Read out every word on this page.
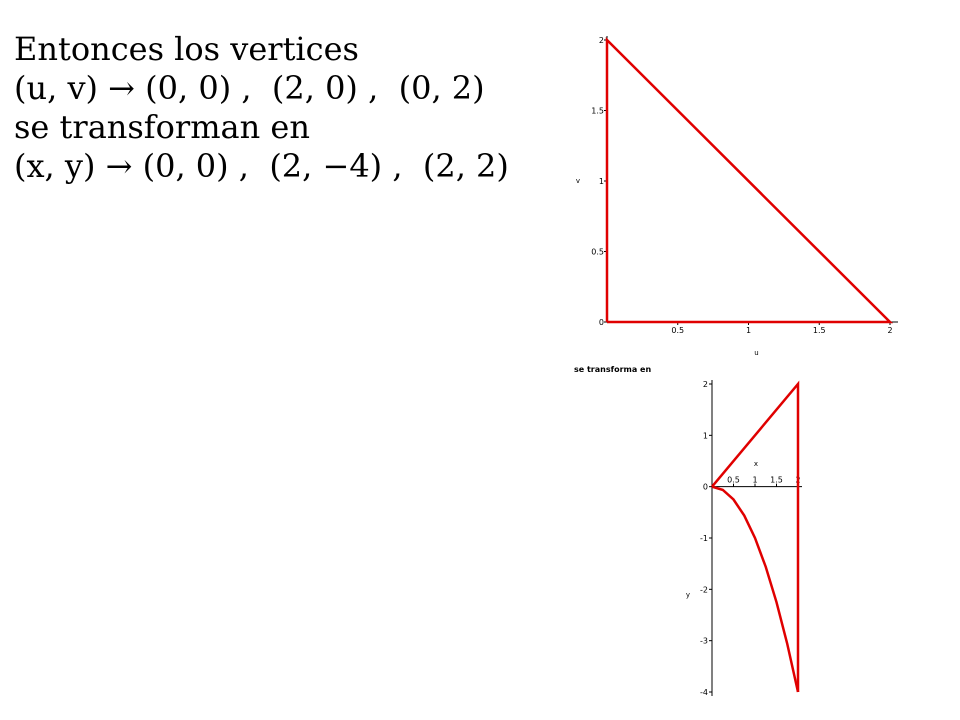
Entonces los vertices
(u, v) → (0, 0) ,  (2, 0) ,  (0, 2)
se transforman en
(x, y) → (0, 0) ,  (2, −4) ,  (2, 2)
0.5	1	1.5	2
0
0.5
1
1.5
2
u
v
se transforma en
0.5 1 1.5 2
2
1
0
-1
-2
-3
-4
x
y
